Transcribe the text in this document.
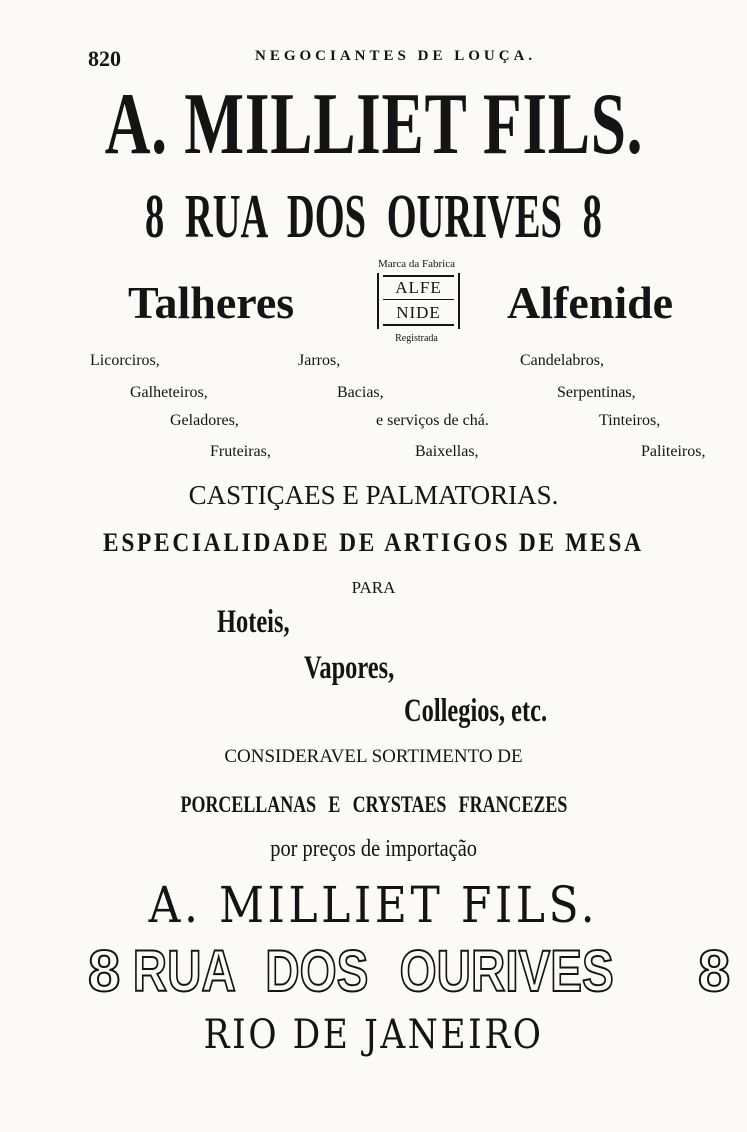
820	NEGOCIANTES DE LOUÇA.
A. MILLIET FILS.
8 RUA DOS OURIVES 8
Talheres	Alfenide
Marca da Fabrica
ALFE
NIDE
Registrada
Licorciros,
Galheteiros,
Geladores,
Fruteiras,
Jarros,
Bacias,
e serviços de chá.
Baixellas,
Candelabros,
Serpentinas,
Tinteiros,
Paliteiros,
CASTIÇAES E PALMATORIAS.
ESPECIALIDADE DE ARTIGOS DE MESA
PARA
Hoteis,
Vapores,
Collegios, etc.
CONSIDERAVEL SORTIMENTO DE
PORCELLANAS E CRYSTAES FRANCEZES
por preços de importação
A. MILLIET FILS.
8 RUA DOS OURIVES	8
RIO DE JANEIRO
